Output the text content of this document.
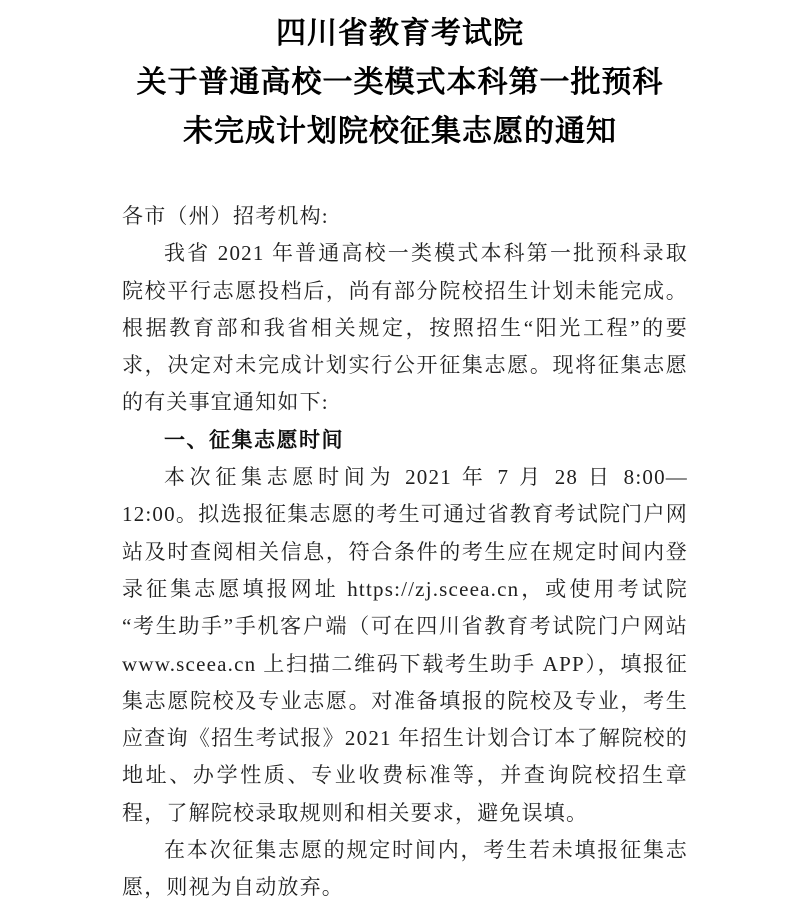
四川省教育考试院
关于普通高校一类模式本科第一批预科
未完成计划院校征集志愿的通知

各市（州）招考机构:

我省 2021 年普通高校一类模式本科第一批预科录取院校平行志愿投档后，尚有部分院校招生计划未能完成。根据教育部和我省相关规定，按照招生“阳光工程”的要求，决定对未完成计划实行公开征集志愿。现将征集志愿的有关事宜通知如下:

一、征集志愿时间

本次征集志愿时间为 2021 年 7 月 28 日 8:00—12:00。拟选报征集志愿的考生可通过省教育考试院门户网站及时查阅相关信息，符合条件的考生应在规定时间内登录征集志愿填报网址 https://zj.sceea.cn，或使用考试院“考生助手”手机客户端（可在四川省教育考试院门户网站 www.sceea.cn 上扫描二维码下载考生助手 APP），填报征集志愿院校及专业志愿。对准备填报的院校及专业，考生应查询《招生考试报》2021 年招生计划合订本了解院校的地址、办学性质、专业收费标准等，并查询院校招生章程，了解院校录取规则和相关要求，避免误填。

在本次征集志愿的规定时间内，考生若未填报征集志愿，则视为自动放弃。
